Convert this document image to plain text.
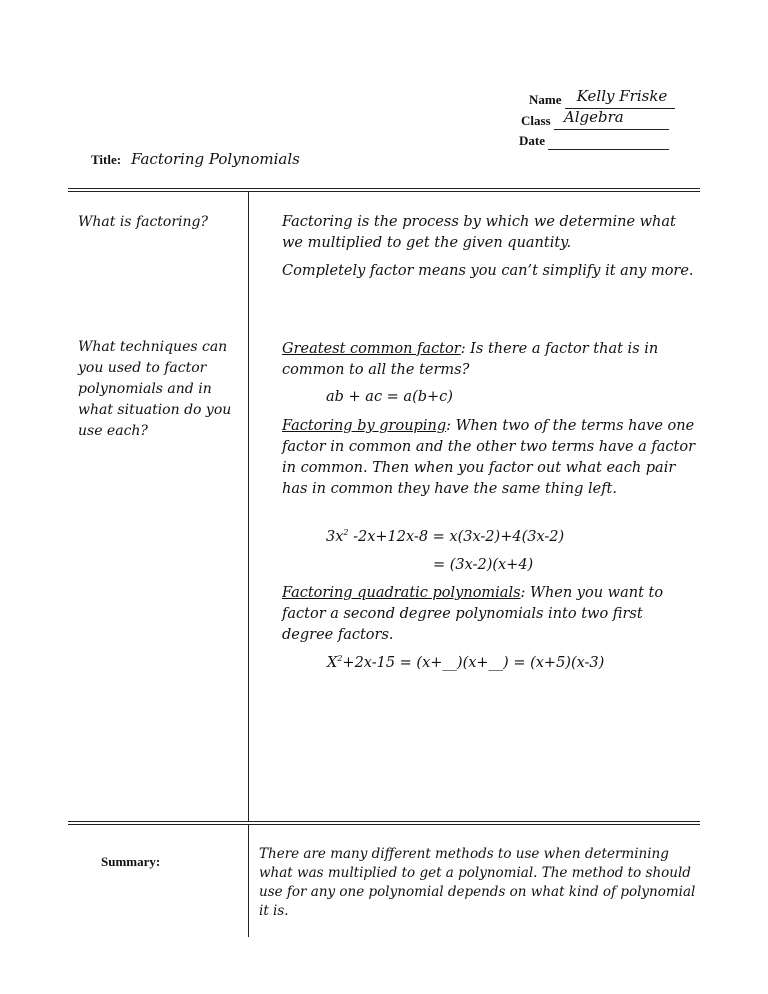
Name Kelly Friske

Class Algebra

Date
Title: Factoring Polynomials
What is factoring?
What techniques can you used to factor polynomials and in what situation do you use each?
Factoring is the process by which we determine what we multiplied to get the given quantity.
Completely factor means you can’t simplify it any more.
Greatest common factor: Is there a factor that is in common to all the terms?
ab + ac = a(b+c)
Factoring by grouping: When two of the terms have one factor in common and the other two terms have a factor in common. Then when you factor out what each pair has in common they have the same thing left.
$3x^2$ -2x+12x-8 = x(3x-2)+4(3x-2)
= (3x-2)(x+4)
Factoring quadratic polynomials: When you want to factor a second degree polynomials into two first degree factors.
$X^2+2x-15$ = (x+__)(x+__) = (x+5)(x-3)
Summary:	There are many different methods to use when determining what was multiplied to get a polynomial. The method to should use for any one polynomial depends on what kind of polynomial it is.
